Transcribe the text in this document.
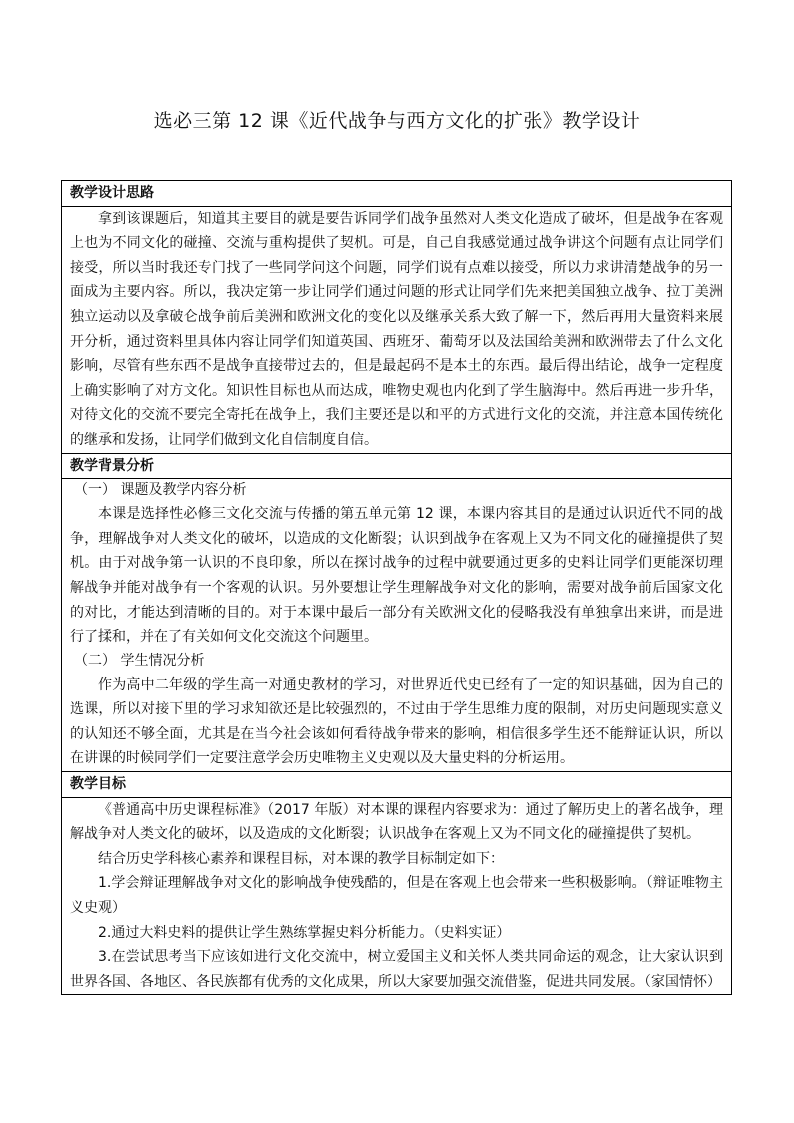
选必三第 12 课《近代战争与西方文化的扩张》教学设计
教学设计思路

拿到该课题后，知道其主要目的就是要告诉同学们战争虽然对人类文化造成了破坏，但是战争在客观上也为不同文化的碰撞、交流与重构提供了契机。可是，自己自我感觉通过战争讲这个问题有点让同学们接受，所以当时我还专门找了一些同学问这个问题，同学们说有点难以接受，所以力求讲清楚战争的另一面成为主要内容。所以，我决定第一步让同学们通过问题的形式让同学们先来把美国独立战争、拉丁美洲独立运动以及拿破仑战争前后美洲和欧洲文化的变化以及继承关系大致了解一下，然后再用大量资料来展开分析，通过资料里具体内容让同学们知道英国、西班牙、葡萄牙以及法国给美洲和欧洲带去了什么文化影响，尽管有些东西不是战争直接带过去的，但是最起码不是本土的东西。最后得出结论，战争一定程度上确实影响了对方文化。知识性目标也从而达成，唯物史观也内化到了学生脑海中。然后再进一步升华，对待文化的交流不要完全寄托在战争上，我们主要还是以和平的方式进行文化的交流，并注意本国传统化的继承和发扬，让同学们做到文化自信制度自信。

教学背景分析

（一） 课题及教学内容分析

本课是选择性必修三文化交流与传播的第五单元第 12 课，本课内容其目的是通过认识近代不同的战争，理解战争对人类文化的破坏，以造成的文化断裂；认识到战争在客观上又为不同文化的碰撞提供了契机。由于对战争第一认识的不良印象，所以在探讨战争的过程中就要通过更多的史料让同学们更能深切理解战争并能对战争有一个客观的认识。另外要想让学生理解战争对文化的影响，需要对战争前后国家文化的对比，才能达到清晰的目的。对于本课中最后一部分有关欧洲文化的侵略我没有单独拿出来讲，而是进行了揉和，并在了有关如何文化交流这个问题里。

（二） 学生情况分析

作为高中二年级的学生高一对通史教材的学习，对世界近代史已经有了一定的知识基础，因为自己的选课，所以对接下里的学习求知欲还是比较强烈的，不过由于学生思维力度的限制，对历史问题现实意义的认知还不够全面，尤其是在当今社会该如何看待战争带来的影响，相信很多学生还不能辩证认识，所以在讲课的时候同学们一定要注意学会历史唯物主义史观以及大量史料的分析运用。

教学目标

《普通高中历史课程标准》（2017 年版）对本课的课程内容要求为：通过了解历史上的著名战争，理解战争对人类文化的破坏，以及造成的文化断裂；认识战争在客观上又为不同文化的碰撞提供了契机。

结合历史学科核心素养和课程目标，对本课的教学目标制定如下：

1.学会辩证理解战争对文化的影响战争使残酷的，但是在客观上也会带来一些积极影响。（辩证唯物主义史观）

2.通过大料史料的提供让学生熟练掌握史料分析能力。（史料实证）

3.在尝试思考当下应该如进行文化交流中，树立爱国主义和关怀人类共同命运的观念，让大家认识到世界各国、各地区、各民族都有优秀的文化成果，所以大家要加强交流借鉴，促进共同发展。（家国情怀）
